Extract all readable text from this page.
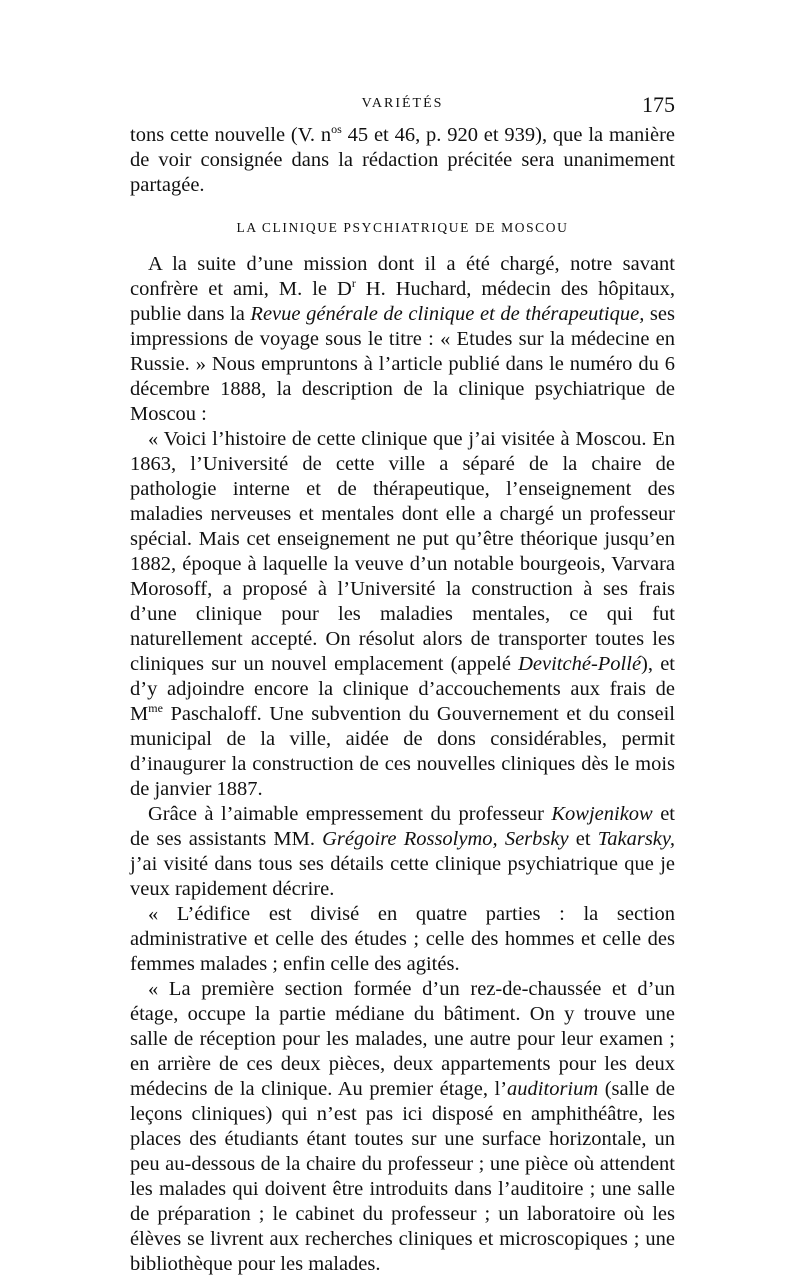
VARIÉTÉS	175

tons cette nouvelle (V. $n^{os}$ 45 et 46, p. 920 et 939), que la manière de voir consignée dans la rédaction précitée sera unanimement partagée.

LA CLINIQUE PSYCHIATRIQUE DE MOSCOU

A la suite d’une mission dont il a été chargé, notre savant confrère et ami, M. le $D^r$ H. Huchard, médecin des hôpitaux, publie dans la Revue générale de clinique et de thérapeutique, ses impressions de voyage sous le titre : « Etudes sur la médecine en Russie. » Nous empruntons à l’article publié dans le numéro du 6 décembre 1888, la description de la clinique psychiatrique de Moscou :

« Voici l’histoire de cette clinique que j’ai visitée à Moscou. En 1863, l’Université de cette ville a séparé de la chaire de pathologie interne et de thérapeutique, l’enseignement des maladies nerveuses et mentales dont elle a chargé un professeur spécial. Mais cet enseignement ne put qu’être théorique jusqu’en 1882, époque à laquelle la veuve d’un notable bourgeois, Varvara Morosoff, a proposé à l’Université la construction à ses frais d’une clinique pour les maladies mentales, ce qui fut naturellement accepté. On résolut alors de transporter toutes les cliniques sur un nouvel emplacement (appelé Devitché-Pollé), et d’y adjoindre encore la clinique d’accouchements aux frais de $M^{me}$ Paschaloff. Une subvention du Gouvernement et du conseil municipal de la ville, aidée de dons considérables, permit d’inaugurer la construction de ces nouvelles cliniques dès le mois de janvier 1887.

Grâce à l’aimable empressement du professeur Kowjenikow et de ses assistants MM. Grégoire Rossolymo, Serbsky et Takarsky, j’ai visité dans tous ses détails cette clinique psychiatrique que je veux rapidement décrire.

« L’édifice est divisé en quatre parties : la section administrative et celle des études ; celle des hommes et celle des femmes malades ; enfin celle des agités.

« La première section formée d’un rez-de-chaussée et d’un étage, occupe la partie médiane du bâtiment. On y trouve une salle de réception pour les malades, une autre pour leur examen ; en arrière de ces deux pièces, deux appartements pour les deux médecins de la clinique. Au premier étage, l’auditorium (salle de leçons cliniques) qui n’est pas ici disposé en amphithéâtre, les places des étudiants étant toutes sur une surface horizontale, un peu au-dessous de la chaire du professeur ; une pièce où attendent les malades qui doivent être introduits dans l’auditoire ; une salle de préparation ; le cabinet du professeur ; un laboratoire où les élèves se livrent aux recherches cliniques et microscopiques ; une bibliothèque pour les malades.
